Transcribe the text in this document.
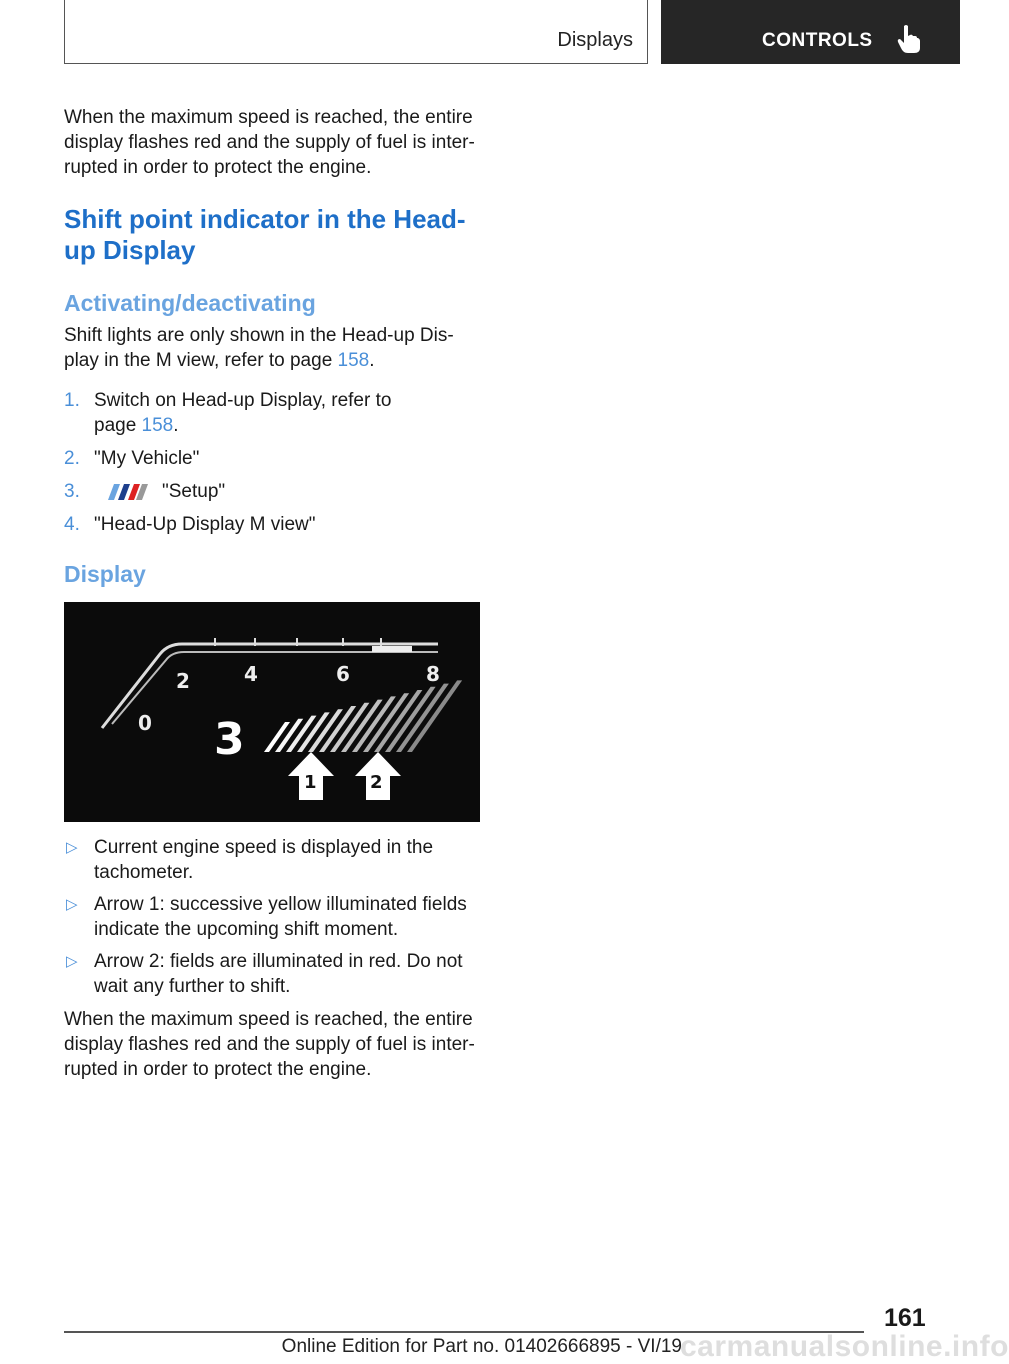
Displays	CONTROLS

When the maximum speed is reached, the entire display flashes red and the supply of fuel is inter- rupted in order to protect the engine.

Shift point indicator in the Head-
up Display
Activating/deactivating

Shift lights are only shown in the Head-up Dis- play in the M view, refer to page 158.

1. Switch on Head-up Display, refer to
page 158.
2. "My Vehicle"
3.	"Setup"
4. "Head-Up Display M view"
Display
0
2	4	6	8
3
1	2
▷ Current engine speed is displayed in the tachometer.
▷ Arrow 1: successive yellow illuminated fields indicate the upcoming shift moment.
▷ Arrow 2: fields are illuminated in red. Do not wait any further to shift.

When the maximum speed is reached, the entire display flashes red and the supply of fuel is inter- rupted in order to protect the engine.

161
Online Edition for Part no. 01402666895 - VI/19
carmanualsonline.info
